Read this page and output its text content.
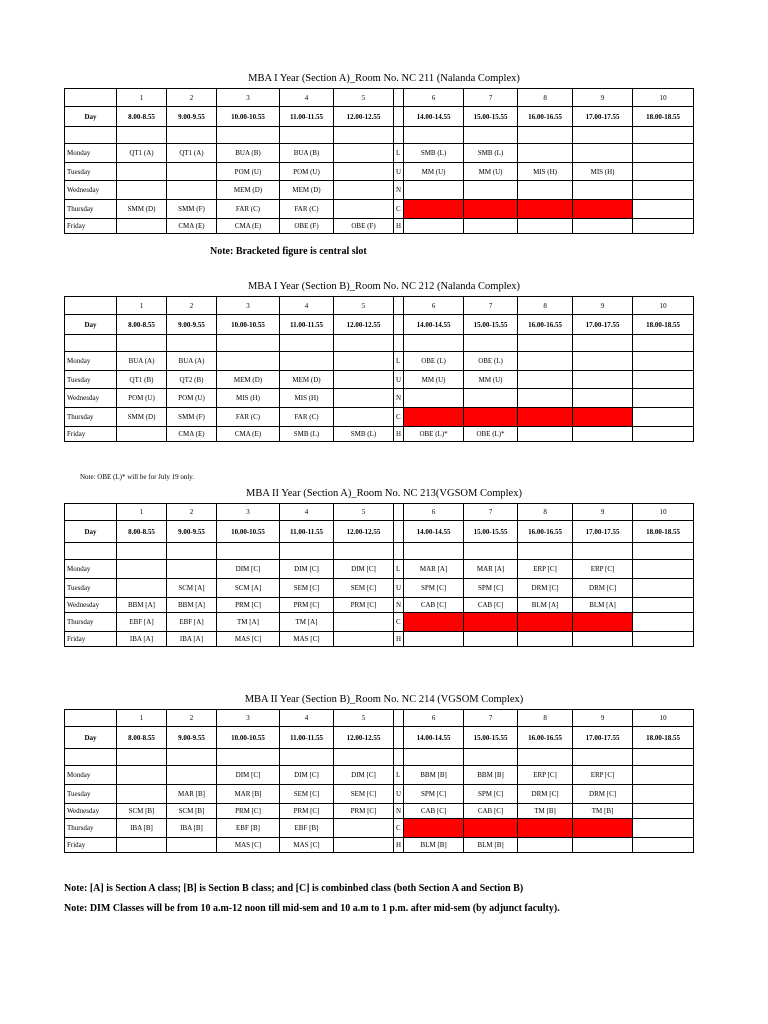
MBA I Year (Section A)_Room No. NC 211 (Nalanda Complex)
	1	2	3	4	5		6	7	8	9	10
Day	8.00-8.55	9.00-9.55	10.00-10.55	11.00-11.55	12.00-12.55		14.00-14.55	15.00-15.55	16.00-16.55	17.00-17.55	18.00-18.55

Monday	QT1 (A)	QT1 (A)	BUA (B)	BUA (B)		L	SMB (L)	SMB (L)			
Tuesday			POM (U)	POM (U)		U	MM (U)	MM (U)	MIS (H)	MIS (H)	
Wednesday			MEM (D)	MEM (D)		N					
Thursday	SMM (D)	SMM (F)	FAR (C)	FAR (C)		C					
Friday		CMA (E)	CMA (E)	OBE (F)	OBE (F)	H					
Note: Bracketed figure is central slot
MBA I Year (Section B)_Room No. NC 212 (Nalanda Complex)
	1	2	3	4	5		6	7	8	9	10
Day	8.00-8.55	9.00-9.55	10.00-10.55	11.00-11.55	12.00-12.55		14.00-14.55	15.00-15.55	16.00-16.55	17.00-17.55	18.00-18.55

Monday	BUA (A)	BUA (A)				L	OBE (L)	OBE (L)			
Tuesday	QT1 (B)	QT2 (B)	MEM (D)	MEM (D)		U	MM (U)	MM (U)			
Wednesday	POM (U)	POM (U)	MIS (H)	MIS (H)		N					
Thursday	SMM (D)	SMM (F)	FAR (C)	FAR (C)		C					
Friday		CMA (E)	CMA (E)	SMB (L)	SMB (L)	H	OBE (L)*	OBE (L)*			
Note: OBE (L)* will be for July 19 only.
MBA II Year (Section A)_Room No. NC 213(VGSOM Complex)
	1	2	3	4	5		6	7	8	9	10
Day	8.00-8.55	9.00-9.55	10.00-10.55	11.00-11.55	12.00-12.55		14.00-14.55	15.00-15.55	16.00-16.55	17.00-17.55	18.00-18.55

Monday			DIM [C]	DIM [C]	DIM [C]	L	MAR [A]	MAR [A]	ERP [C]	ERP [C]	
Tuesday		SCM [A]	SCM [A]	SEM [C]	SEM [C]	U	SPM [C]	SPM [C]	DRM [C]	DRM [C]	
Wednesday	BBM [A]	BBM [A]	PRM [C]	PRM [C]	PRM [C]	N	CAB [C]	CAB [C]	BLM [A]	BLM [A]	
Thursday	EBF [A]	EBF [A]	TM [A]	TM [A]		C					
Friday	IBA [A]	IBA [A]	MAS [C]	MAS [C]		H					
MBA II Year (Section B)_Room No. NC 214 (VGSOM Complex)
	1	2	3	4	5		6	7	8	9	10
Day	8.00-8.55	9.00-9.55	10.00-10.55	11.00-11.55	12.00-12.55		14.00-14.55	15.00-15.55	16.00-16.55	17.00-17.55	18.00-18.55

Monday			DIM [C]	DIM [C]	DIM [C]	L	BBM [B]	BBM [B]	ERP [C]	ERP [C]	
Tuesday		MAR [B]	MAR [B]	SEM [C]	SEM [C]	U	SPM [C]	SPM [C]	DRM [C]	DRM [C]	
Wednesday	SCM [B]	SCM [B]	PRM [C]	PRM [C]	PRM [C]	N	CAB [C]	CAB [C]	TM [B]	TM [B]	
Thursday	IBA [B]	IBA [B]	EBF [B]	EBF [B]		C					
Friday			MAS [C]	MAS [C]		H	BLM [B]	BLM [B]			
Note: [A] is Section A class; [B] is Section B class; and [C] is combinbed class (both Section A and Section B)
Note: DIM Classes will be from 10 a.m-12 noon till mid-sem and 10 a.m to 1 p.m. after mid-sem (by adjunct faculty).
